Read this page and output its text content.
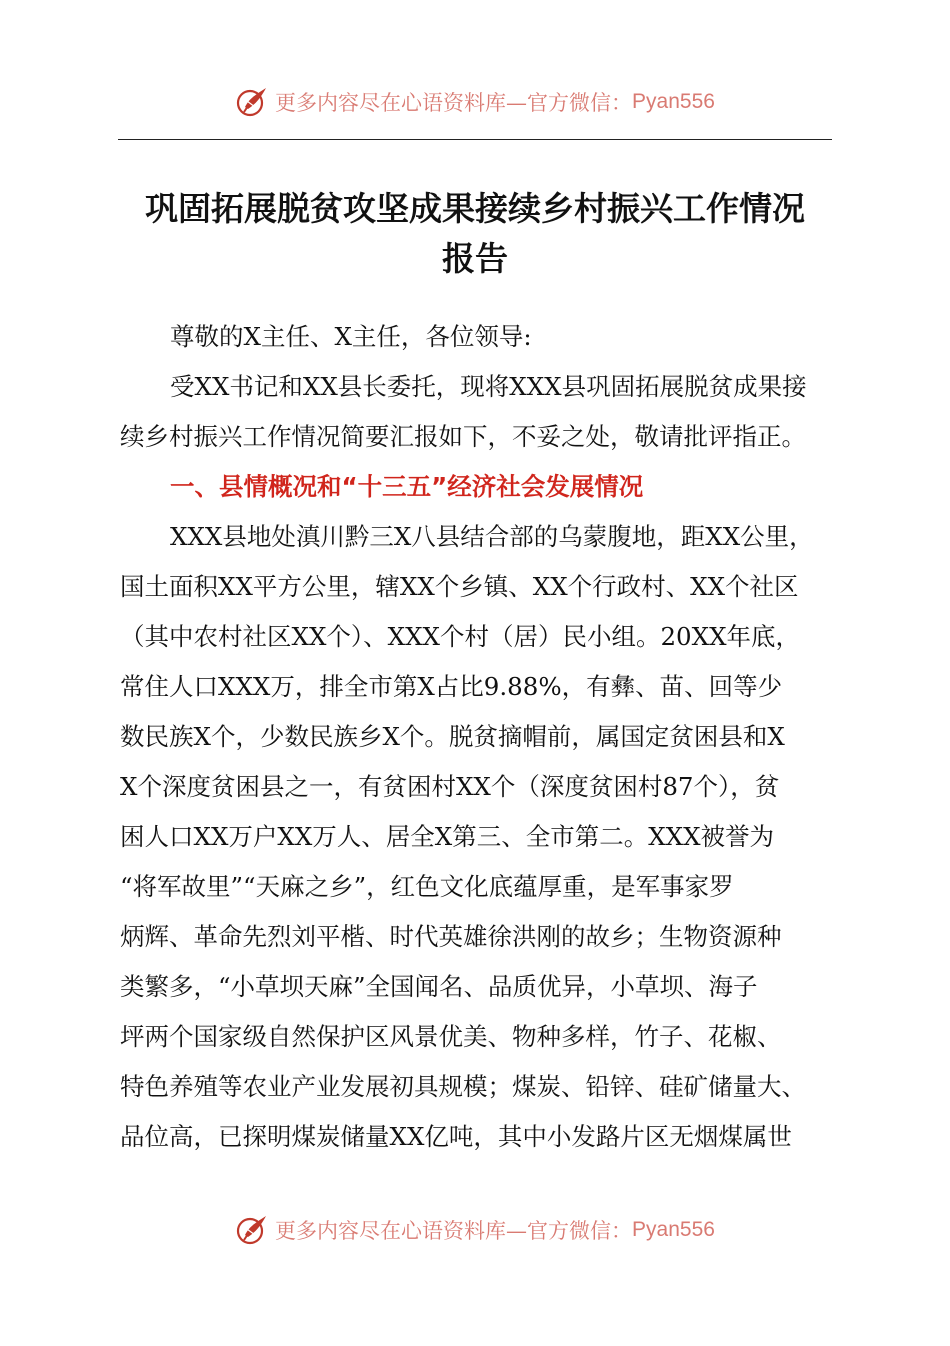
更多内容尽在心语资料库—官方微信： Pyan556
巩固拓展脱贫攻坚成果接续乡村振兴工作情况
报告
尊敬的X主任、X主任，各位领导:
受XX书记和XX县长委托，现将XXX县巩固拓展脱贫成果接
续乡村振兴工作情况简要汇报如下，不妥之处，敬请批评指正。
一、县情概况和“十三五”经济社会发展情况
XXX县地处滇川黔三X八县结合部的乌蒙腹地，距XX公里，
国土面积XX平方公里，辖XX个乡镇、XX个行政村、XX个社区
（其中农村社区XX个）、XXX个村（居）民小组。20XX年底，
常住人口XXX万，排全市第X占比9.88%，有彝、苗、回等少
数民族X个，少数民族乡X个。脱贫摘帽前，属国定贫困县和X
X个深度贫困县之一，有贫困村XX个（深度贫困村87个），贫
困人口XX万户XX万人、居全X第三、全市第二。XXX被誉为
“将军故里”“天麻之乡”，红色文化底蕴厚重，是军事家罗
炳辉、革命先烈刘平楷、时代英雄徐洪刚的故乡；生物资源种
类繁多，“小草坝天麻”全国闻名、品质优异，小草坝、海子
坪两个国家级自然保护区风景优美、物种多样，竹子、花椒、
特色养殖等农业产业发展初具规模；煤炭、铅锌、硅矿储量大、
品位高，已探明煤炭储量XX亿吨，其中小发路片区无烟煤属世
更多内容尽在心语资料库—官方微信： Pyan556
